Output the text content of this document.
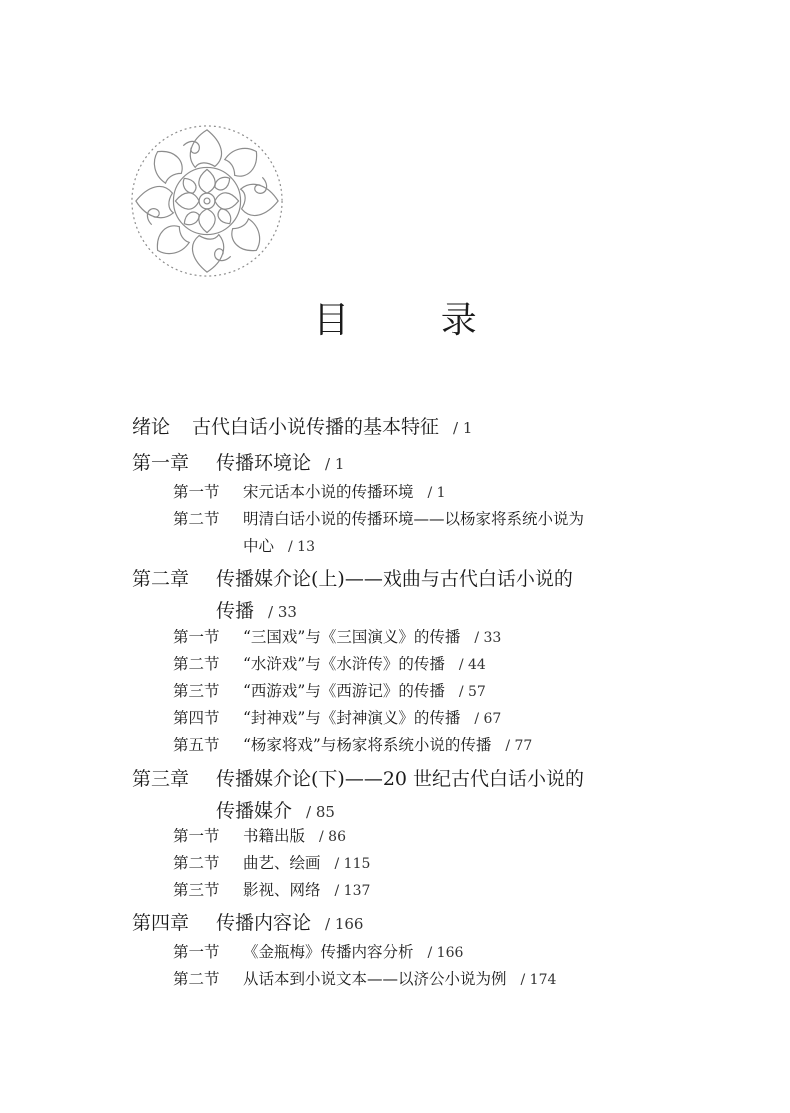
目 录
绪论 古代白话小说传播的基本特征 / 1
第一章 传播环境论 / 1
第一节 宋元话本小说的传播环境 / 1
第二节 明清白话小说的传播环境——以杨家将系统小说为
中心 / 13
第二章 传播媒介论(上)——戏曲与古代白话小说的
传播 / 33
第一节 “三国戏”与《三国演义》的传播 / 33
第二节 “水浒戏”与《水浒传》的传播 / 44
第三节 “西游戏”与《西游记》的传播 / 57
第四节 “封神戏”与《封神演义》的传播 / 67
第五节 “杨家将戏”与杨家将系统小说的传播 / 77
第三章 传播媒介论(下)——20 世纪古代白话小说的
传播媒介 / 85
第一节 书籍出版 / 86
第二节 曲艺、绘画 / 115
第三节 影视、网络 / 137
第四章 传播内容论 / 166
第一节 《金瓶梅》传播内容分析 / 166
第二节 从话本到小说文本——以济公小说为例 / 174
